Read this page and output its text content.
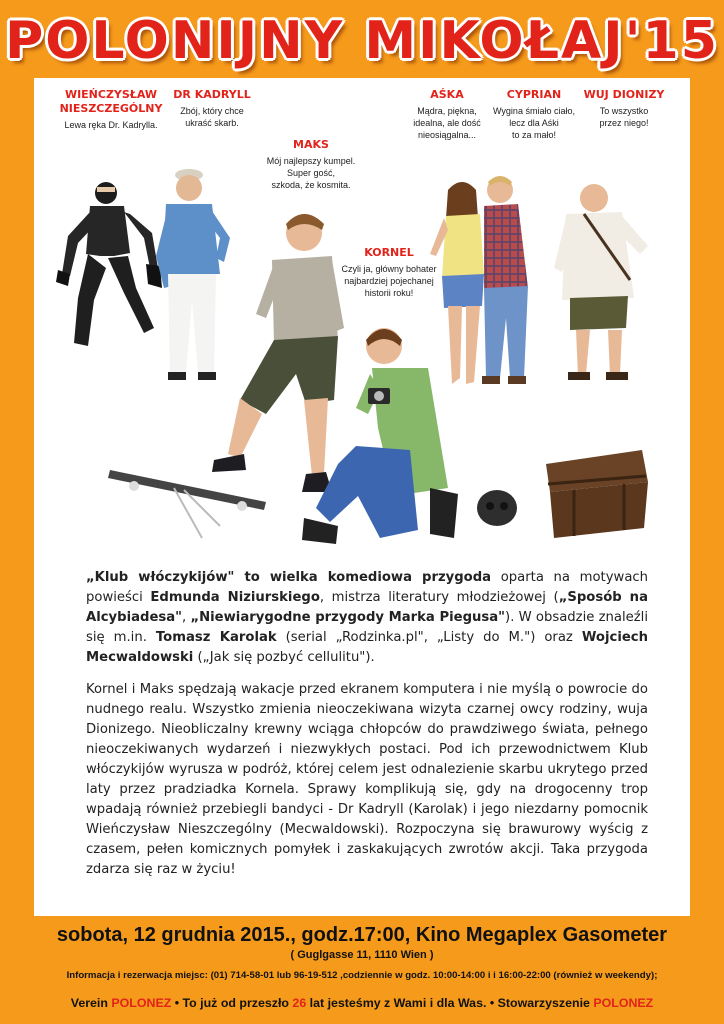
POLONIJNY MIKOŁAJ'15
WIEŃCZYSŁAW
NIESZCZEGÓLNY
Lewa ręka Dr. Kadrylla.
DR KADRYLL
Zbój, który chce
ukraść skarb.
MAKS
Mój najlepszy kumpel.
Super gość,
szkoda, że kosmita.
KORNEL
Czyli ja, główny bohater
najbardziej pojechanej
historii roku!
AŚKA
Mądra, piękna,
idealna, ale dość
nieosiągalna...
CYPRIAN
Wygina śmiało ciało,
lecz dla Aśki
to za mało!
WUJ DIONIZY
To wszystko
przez niego!

„Klub włóczykijów" to wielka komediowa przygoda oparta na motywach powieści Edmunda Niziurskiego, mistrza literatury młodzieżowej („Sposób na Alcybiadesa", „Niewiarygodne przygody Marka Piegusa"). W obsadzie znaleźli się m.in. Tomasz Karolak (serial „Rodzinka.pl", „Listy do M.") oraz Wojciech Mecwaldowski („Jak się pozbyć cellulitu").

Kornel i Maks spędzają wakacje przed ekranem komputera i nie myślą o powrocie do nudnego realu. Wszystko zmienia nieoczekiwana wizyta czarnej owcy rodziny, wuja Dionizego. Nieobliczalny krewny wciąga chłopców do prawdziwego świata, pełnego nieoczekiwanych wydarzeń i niezwykłych postaci. Pod ich przewodnictwem Klub włóczykijów wyrusza w podróż, której celem jest odnalezienie skarbu ukrytego przed laty przez pradziadka Kornela. Sprawy komplikują się, gdy na drogocenny trop wpadają również przebiegli bandyci - Dr Kadryll (Karolak) i jego niezdarny pomocnik Wieńczysław Nieszczególny (Mecwaldowski). Rozpoczyna się brawurowy wyścig z czasem, pełen komicznych pomyłek i zaskakujących zwrotów akcji. Taka przygoda zdarza się raz w życiu!

sobota, 12 grudnia 2015., godz.17:00, Kino Megaplex Gasometer
( Guglgasse 11, 1110 Wien )
Informacja i rezerwacja miejsc: (01) 714-58-01 lub 96-19-512 ,codziennie w godz. 10:00-14:00 i i 16:00-22:00 (również w weekendy);
Verein POLONEZ • To już od przeszło 26 lat jesteśmy z Wami i dla Was. • Stowarzyszenie POLONEZ
